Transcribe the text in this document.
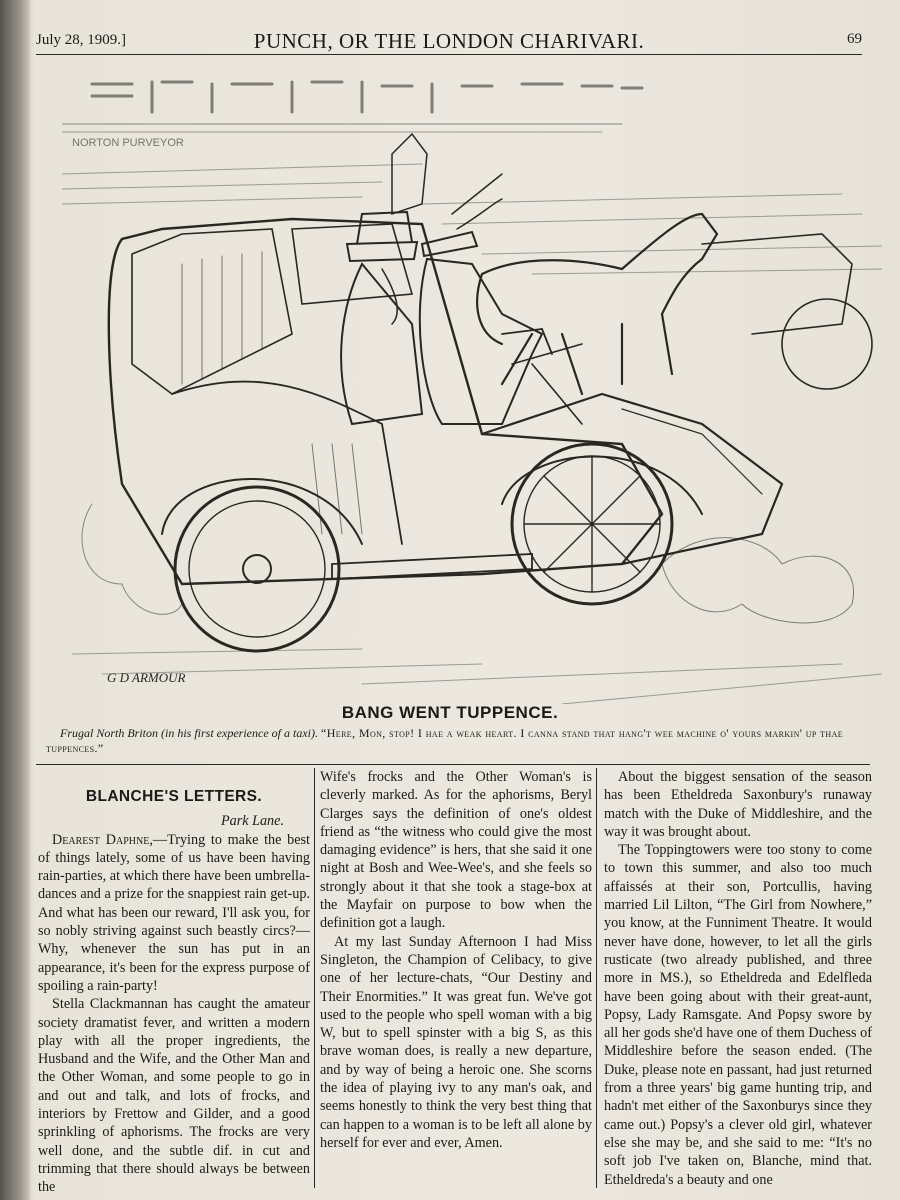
July 28, 1909.]	PUNCH, OR THE LONDON CHARIVARI.	69
G D ARMOUR
NORTON PURVEYOR
BANG WENT TUPPENCE.
Frugal North Briton (in his first experience of a taxi). “Here, Mon, stop! I hae a weak heart. I canna stand that hang't wee machine o' yours markin' up thae tuppences.”
BLANCHE'S LETTERS.
Park Lane.

Dearest Daphne,—Trying to make the best of things lately, some of us have been having rain-parties, at which there have been umbrella-dances and a prize for the snappiest rain get-up. And what has been our reward, I'll ask you, for so nobly striving against such beastly circs?—Why, whenever the sun has put in an appearance, it's been for the express purpose of spoiling a rain-party!

Stella Clackmannan has caught the amateur society dramatist fever, and written a modern play with all the proper ingredients, the Husband and the Wife, and the Other Man and the Other Woman, and some people to go in and out and talk, and lots of frocks, and interiors by Frettow and Gilder, and a good sprinkling of aphorisms. The frocks are very well done, and the subtle dif. in cut and trimming that there should always be between the

Wife's frocks and the Other Woman's is cleverly marked. As for the aphorisms, Beryl Clarges says the definition of one's oldest friend as “the witness who could give the most damaging evidence” is hers, that she said it one night at Bosh and Wee-Wee's, and she feels so strongly about it that she took a stage-box at the Mayfair on purpose to bow when the definition got a laugh.

At my last Sunday Afternoon I had Miss Singleton, the Champion of Celibacy, to give one of her lecture-chats, “Our Destiny and Their Enormities.” It was great fun. We've got used to the people who spell woman with a big W, but to spell spinster with a big S, as this brave woman does, is really a new departure, and by way of being a heroic one. She scorns the idea of playing ivy to any man's oak, and seems honestly to think the very best thing that can happen to a woman is to be left all alone by herself for ever and ever, Amen.

About the biggest sensation of the season has been Etheldreda Saxonbury's runaway match with the Duke of Middleshire, and the way it was brought about.

The Toppingtowers were too stony to come to town this summer, and also too much affaissés at their son, Portcullis, having married Lil Lilton, “The Girl from Nowhere,” you know, at the Funniment Theatre. It would never have done, however, to let all the girls rusticate (two already published, and three more in MS.), so Etheldreda and Edelfleda have been going about with their great-aunt, Popsy, Lady Ramsgate. And Popsy swore by all her gods she'd have one of them Duchess of Middleshire before the season ended. (The Duke, please note en passant, had just returned from a three years' big game hunting trip, and hadn't met either of the Saxonburys since they came out.) Popsy's a clever old girl, whatever else she may be, and she said to me: “It's no soft job I've taken on, Blanche, mind that. Etheldreda's a beauty and one
